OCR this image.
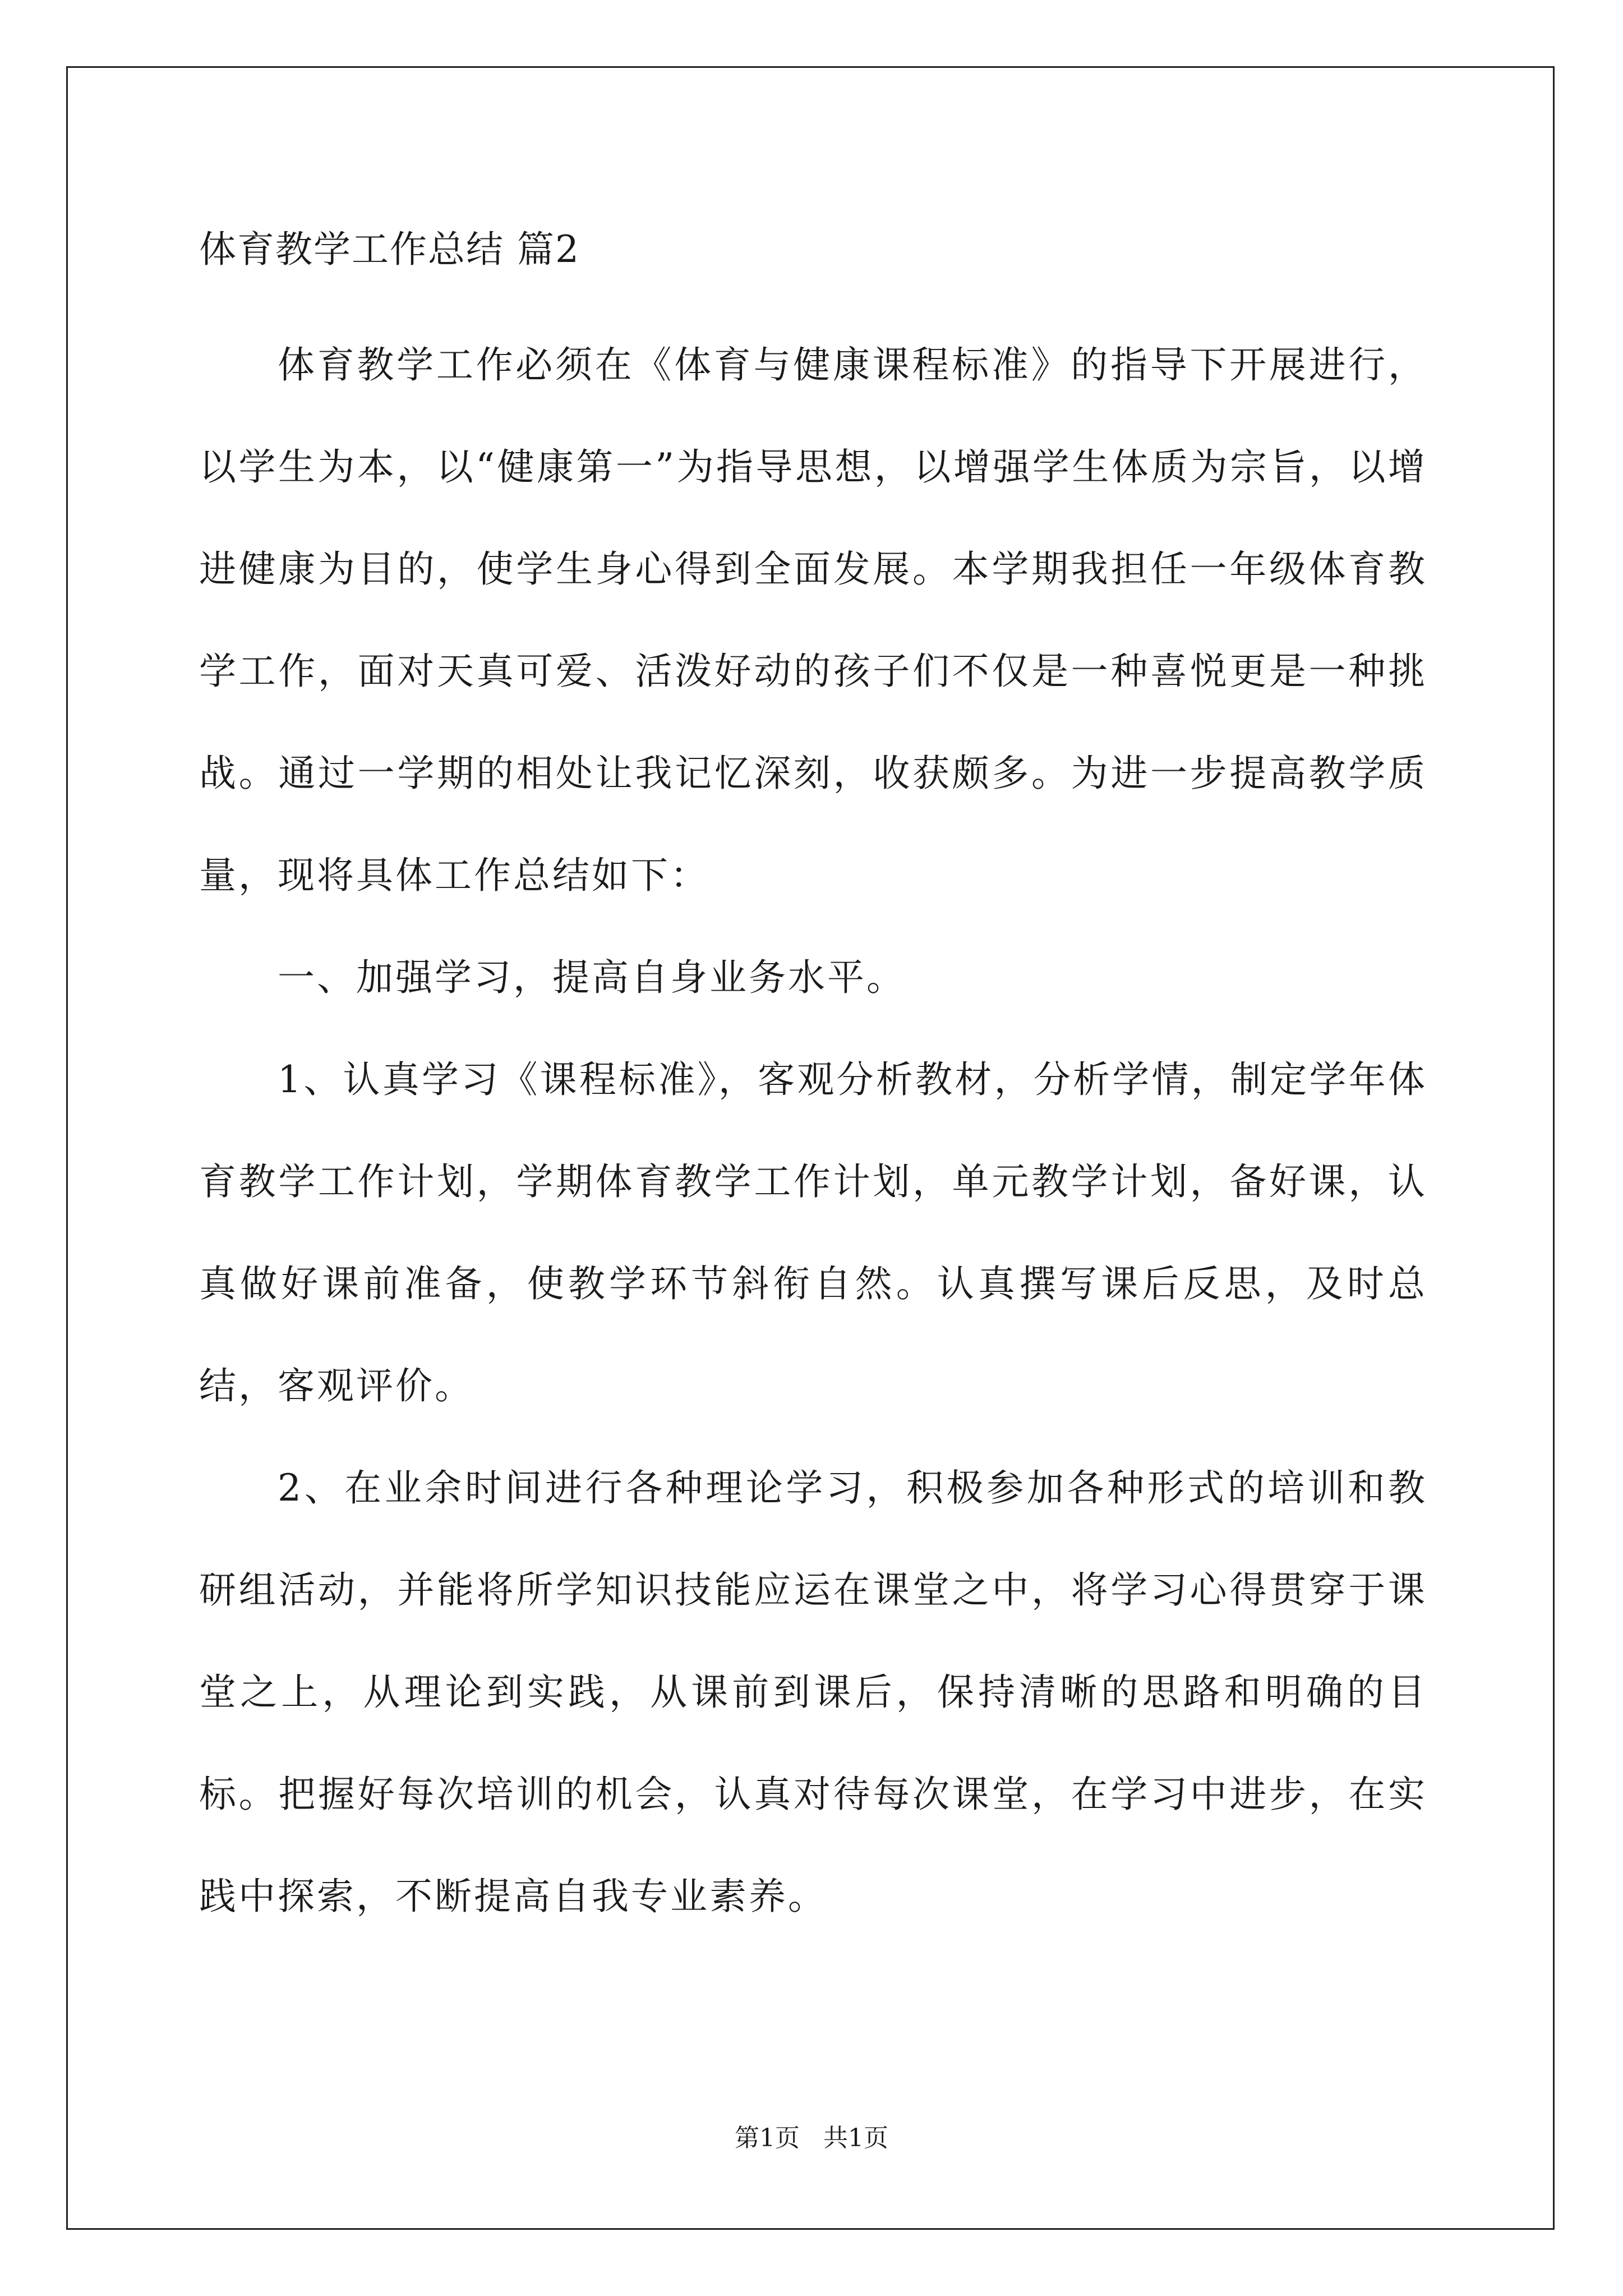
体育教学工作总结 篇2

体育教学工作必须在《体育与健康课程标准》的指导下开展进行，以学生为本，以“健康第一”为指导思想，以增强学生体质为宗旨，以增进健康为目的，使学生身心得到全面发展。本学期我担任一年级体育教学工作，面对天真可爱、活泼好动的孩子们不仅是一种喜悦更是一种挑战。通过一学期的相处让我记忆深刻，收获颇多。为进一步提高教学质量，现将具体工作总结如下：

一、加强学习，提高自身业务水平。

1、认真学习《课程标准》，客观分析教材，分析学情，制定学年体育教学工作计划，学期体育教学工作计划，单元教学计划，备好课，认真做好课前准备，使教学环节斜衔自然。认真撰写课后反思，及时总结，客观评价。

2、在业余时间进行各种理论学习，积极参加各种形式的培训和教研组活动，并能将所学知识技能应运在课堂之中，将学习心得贯穿于课堂之上，从理论到实践，从课前到课后，保持清晰的思路和明确的目标。把握好每次培训的机会，认真对待每次课堂，在学习中进步，在实践中探索，不断提高自我专业素养。

第1页   共1页
